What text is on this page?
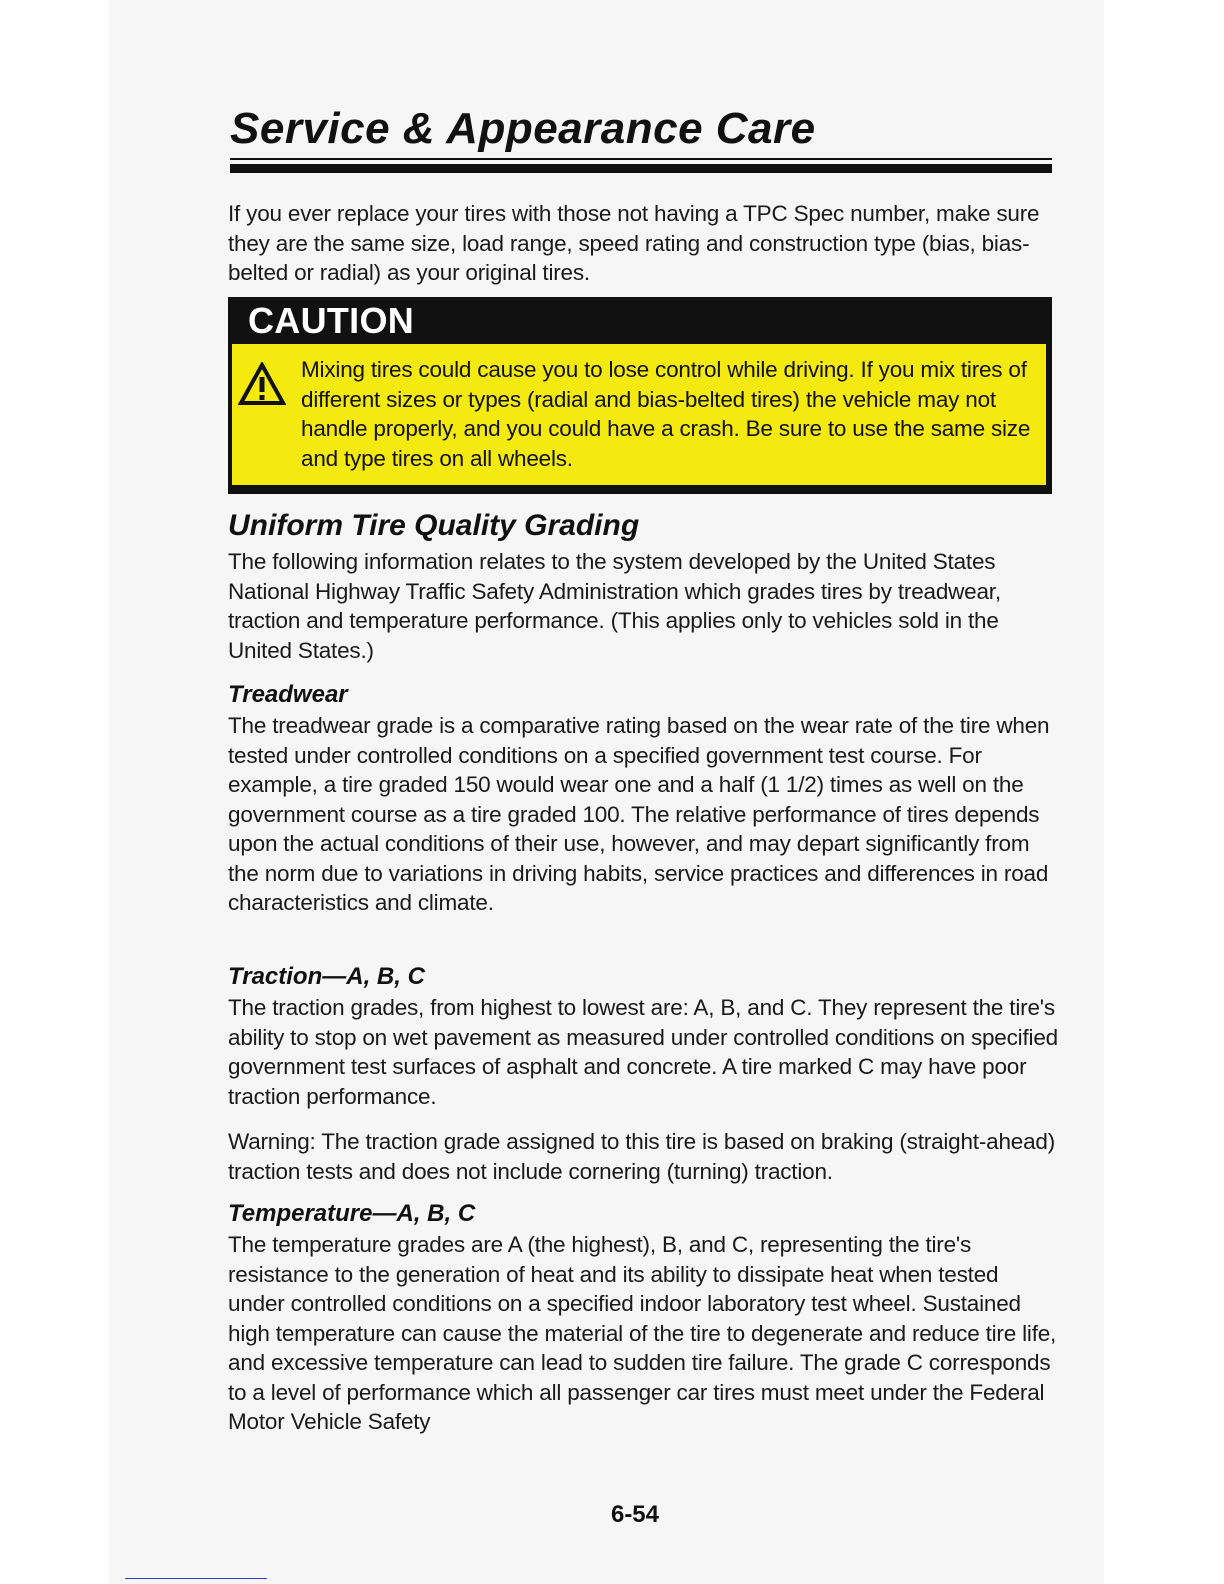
Service & Appearance Care

If you ever replace your tires with those not having a TPC Spec number, make sure they are the same size, load range, speed rating and construction type (bias, bias-belted or radial) as your original tires.

CAUTION

Mixing tires could cause you to lose control while driving. If you mix tires of different sizes or types (radial and bias-belted tires) the vehicle may not handle properly, and you could have a crash. Be sure to use the same size and type tires on all wheels.

Uniform Tire Quality Grading

The following information relates to the system developed by the United States National Highway Traffic Safety Administration which grades tires by treadwear, traction and temperature performance. (This applies only to vehicles sold in the United States.)

Treadwear

The treadwear grade is a comparative rating based on the wear rate of the tire when tested under controlled conditions on a specified government test course. For example, a tire graded 150 would wear one and a half (1 1/2) times as well on the government course as a tire graded 100. The relative performance of tires depends upon the actual conditions of their use, however, and may depart significantly from the norm due to variations in driving habits, service practices and differences in road characteristics and climate.

Traction—A, B, C

The traction grades, from highest to lowest are: A, B, and C. They represent the tire's ability to stop on wet pavement as measured under controlled conditions on specified government test surfaces of asphalt and concrete. A tire marked C may have poor traction performance.

Warning: The traction grade assigned to this tire is based on braking (straight-ahead) traction tests and does not include cornering (turning) traction.

Temperature—A, B, C

The temperature grades are A (the highest), B, and C, representing the tire's resistance to the generation of heat and its ability to dissipate heat when tested under controlled conditions on a specified indoor laboratory test wheel. Sustained high temperature can cause the material of the tire to degenerate and reduce tire life, and excessive temperature can lead to sudden tire failure. The grade C corresponds to a level of performance which all passenger car tires must meet under the Federal Motor Vehicle Safety

6-54
